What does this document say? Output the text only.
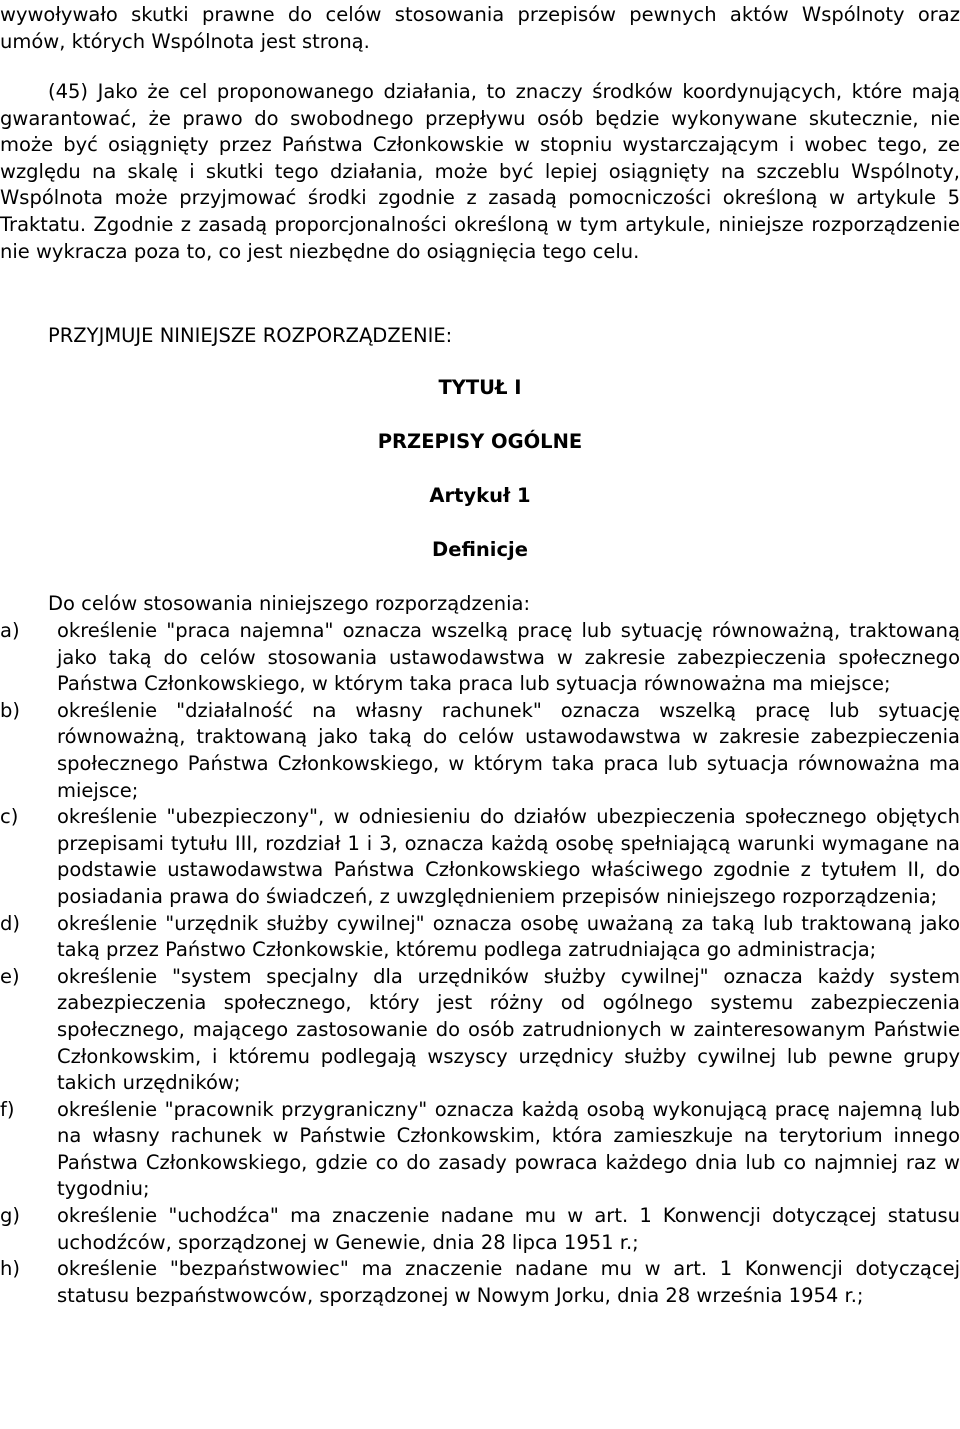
wywoływało skutki prawne do celów stosowania przepisów pewnych aktów Wspólnoty oraz umów, których Wspólnota jest stroną.

(45) Jako że cel proponowanego działania, to znaczy środków koordynujących, które mają gwarantować, że prawo do swobodnego przepływu osób będzie wykonywane skutecznie, nie może być osiągnięty przez Państwa Członkowskie w stopniu wystarczającym i wobec tego, ze względu na skalę i skutki tego działania, może być lepiej osiągnięty na szczeblu Wspólnoty, Wspólnota może przyjmować środki zgodnie z zasadą pomocniczości określoną w artykule 5 Traktatu. Zgodnie z zasadą proporcjonalności określoną w tym artykule, niniejsze rozporządzenie nie wykracza poza to, co jest niezbędne do osiągnięcia tego celu.

PRZYJMUJE NINIEJSZE ROZPORZĄDZENIE:

TYTUŁ I
PRZEPISY OGÓLNE
Artykuł 1
Definicje

Do celów stosowania niniejszego rozporządzenia:

a) określenie "praca najemna" oznacza wszelką pracę lub sytuację równoważną, traktowaną jako taką do celów stosowania ustawodawstwa w zakresie zabezpieczenia społecznego Państwa Członkowskiego, w którym taka praca lub sytuacja równoważna ma miejsce;

b) określenie "działalność na własny rachunek" oznacza wszelką pracę lub sytuację równoważną, traktowaną jako taką do celów ustawodawstwa w zakresie zabezpieczenia społecznego Państwa Członkowskiego, w którym taka praca lub sytuacja równoważna ma miejsce;

c) określenie "ubezpieczony", w odniesieniu do działów ubezpieczenia społecznego objętych przepisami tytułu III, rozdział 1 i 3, oznacza każdą osobę spełniającą warunki wymagane na podstawie ustawodawstwa Państwa Członkowskiego właściwego zgodnie z tytułem II, do posiadania prawa do świadczeń, z uwzględnieniem przepisów niniejszego rozporządzenia;

d) określenie "urzędnik służby cywilnej" oznacza osobę uważaną za taką lub traktowaną jako taką przez Państwo Członkowskie, któremu podlega zatrudniająca go administracja;

e) określenie "system specjalny dla urzędników służby cywilnej" oznacza każdy system zabezpieczenia społecznego, który jest różny od ogólnego systemu zabezpieczenia społecznego, mającego zastosowanie do osób zatrudnionych w zainteresowanym Państwie Członkowskim, i któremu podlegają wszyscy urzędnicy służby cywilnej lub pewne grupy takich urzędników;

f) określenie "pracownik przygraniczny" oznacza każdą osobą wykonującą pracę najemną lub na własny rachunek w Państwie Członkowskim, która zamieszkuje na terytorium innego Państwa Członkowskiego, gdzie co do zasady powraca każdego dnia lub co najmniej raz w tygodniu;

g) określenie "uchodźca" ma znaczenie nadane mu w art. 1 Konwencji dotyczącej statusu uchodźców, sporządzonej w Genewie, dnia 28 lipca 1951 r.;

h) określenie "bezpaństwowiec" ma znaczenie nadane mu w art. 1 Konwencji dotyczącej statusu bezpaństwowców, sporządzonej w Nowym Jorku, dnia 28 września 1954 r.;
